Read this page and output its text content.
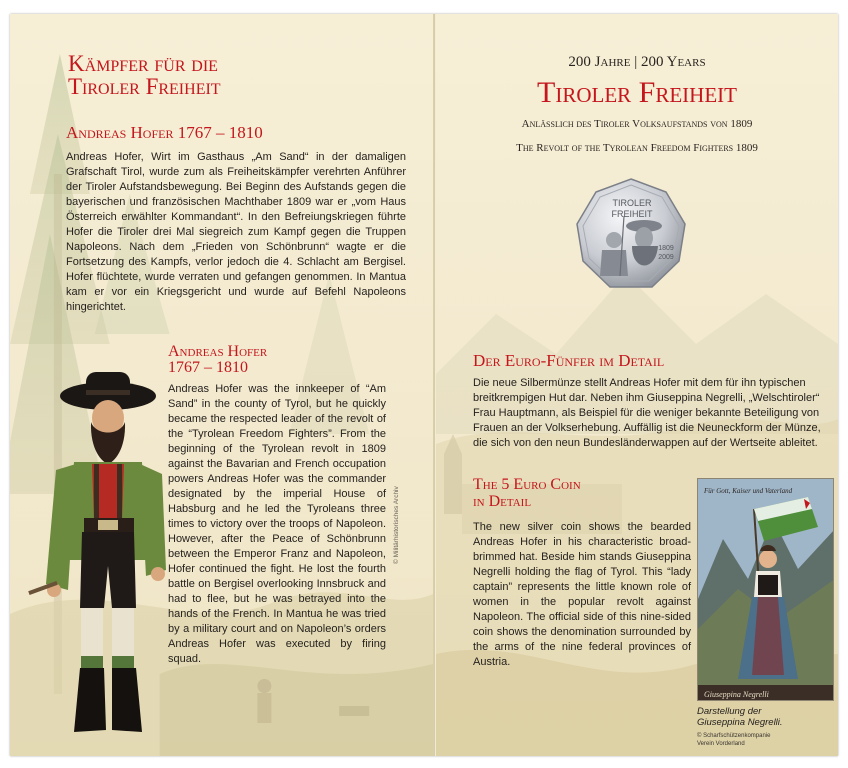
Kämpfer für die
Tiroler Freiheit
Andreas Hofer 1767 – 1810
Andreas Hofer, Wirt im Gasthaus „Am Sand“ in der damaligen Grafschaft Tirol, wurde zum als Freiheitskämpfer verehrten Anführer der Tiroler Aufstandsbewegung. Bei Beginn des Aufstands gegen die bayerischen und französischen Machthaber 1809 war er „vom Haus Österreich erwählter Kommandant“. In den Befreiungskriegen führte Hofer die Tiroler drei Mal siegreich zum Kampf gegen die Truppen Napoleons. Nach dem „Frieden von Schönbrunn“ wagte er die Fortsetzung des Kampfs, verlor jedoch die 4. Schlacht am Bergisel. Hofer flüchtete, wurde verraten und gefangen genommen. In Mantua kam er vor ein Kriegsgericht und wurde auf Befehl Napoleons hingerichtet.
Andreas Hofer
1767 – 1810
Andreas Hofer was the innkeeper of “Am Sand” in the county of Tyrol, but he quickly became the respected leader of the revolt of the “Tyrolean Freedom Fighters”. From the beginning of the Tyrolean revolt in 1809 against the Bavarian and French occupation powers Andreas Hofer was the commander designated by the imperial House of Habsburg and he led the Tyroleans three times to victory over the troops of Napoleon. However, after the Peace of Schönbrunn between the Emperor Franz and Napoleon, Hofer continued the fight. He lost the fourth battle on Bergisel overlooking Innsbruck and had to flee, but he was betrayed into the hands of the French. In Mantua he was tried by a military court and on Napoleon’s orders Andreas Hofer was executed by firing squad.
© Militärhistorisches Archiv
200 Jahre | 200 Years
Tiroler Freiheit
Anlässlich des Tiroler Volksaufstands von 1809
The Revolt of the Tyrolean Freedom Fighters 1809
TIROLER
FREIHEIT
1809
2009
Der Euro-Fünfer im Detail
Die neue Silbermünze stellt Andreas Hofer mit dem für ihn typischen breitkrempigen Hut dar. Neben ihm Giuseppina Negrelli, „Welschtiroler“ Frau Hauptmann, als Beispiel für die weniger bekannte Beteiligung von Frauen an der Volkserhebung. Auffällig ist die Neuneckform der Münze, die sich von den neun Bundesländerwappen auf der Wertseite ableitet.
The 5 Euro Coin
in Detail
The new silver coin shows the bearded Andreas Hofer in his characteristic broad-brimmed hat. Beside him stands Giuseppina Negrelli holding the flag of Tyrol. This “lady captain” represents the little known role of women in the popular revolt against Napoleon. The official side of this nine-sided coin shows the denomination surrounded by the arms of the nine federal provinces of Austria.
Für Gott, Kaiser und Vaterland
Giuseppina Negrelli
Darstellung der
Giuseppina Negrelli.
© Scharfschützenkompanie
Verein Vorderland
